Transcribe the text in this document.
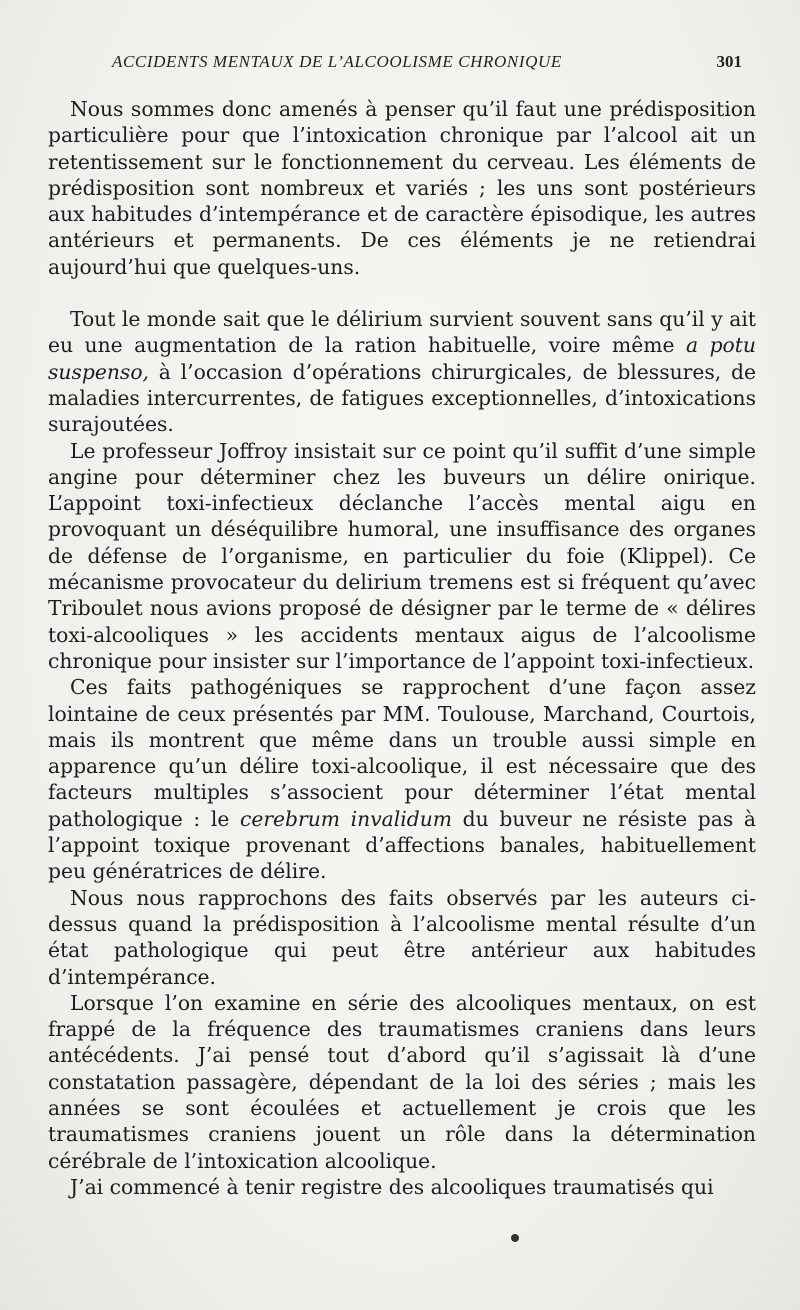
ACCIDENTS MENTAUX DE L’ALCOOLISME CHRONIQUE	301

Nous sommes donc amenés à penser qu’il faut une prédisposition particulière pour que l’intoxication chronique par l’alcool ait un retentissement sur le fonctionnement du cerveau. Les éléments de prédisposition sont nombreux et variés ; les uns sont postérieurs aux habitudes d’intempérance et de caractère épisodique, les autres antérieurs et permanents. De ces éléments je ne retiendrai aujourd’hui que quelques-uns.

Tout le monde sait que le délirium survient souvent sans qu’il y ait eu une augmentation de la ration habituelle, voire même a potu suspenso, à l’occasion d’opérations chirurgicales, de blessures, de maladies intercurrentes, de fatigues exceptionnelles, d’intoxications surajoutées.

Le professeur Joffroy insistait sur ce point qu’il suffit d’une simple angine pour déterminer chez les buveurs un délire onirique. L’appoint toxi-infectieux déclanche l’accès mental aigu en provoquant un déséquilibre humoral, une insuffisance des organes de défense de l’organisme, en particulier du foie (Klippel). Ce mécanisme provocateur du delirium tremens est si fréquent qu’avec Triboulet nous avions proposé de désigner par le terme de « délires toxi-alcooliques » les accidents mentaux aigus de l’alcoolisme chronique pour insister sur l’importance de l’appoint toxi-infectieux.

Ces faits pathogéniques se rapprochent d’une façon assez lointaine de ceux présentés par MM. Toulouse, Marchand, Courtois, mais ils montrent que même dans un trouble aussi simple en apparence qu’un délire toxi-alcoolique, il est nécessaire que des facteurs multiples s’associent pour déterminer l’état mental pathologique : le cerebrum invalidum du buveur ne résiste pas à l’appoint toxique provenant d’affections banales, habituellement peu génératrices de délire.

Nous nous rapprochons des faits observés par les auteurs ci-dessus quand la prédisposition à l’alcoolisme mental résulte d’un état pathologique qui peut être antérieur aux habitudes d’intempérance.

Lorsque l’on examine en série des alcooliques mentaux, on est frappé de la fréquence des traumatismes craniens dans leurs antécédents. J’ai pensé tout d’abord qu’il s’agissait là d’une constatation passagère, dépendant de la loi des séries ; mais les années se sont écoulées et actuellement je crois que les traumatismes craniens jouent un rôle dans la détermination cérébrale de l’intoxication alcoolique.

J’ai commencé à tenir registre des alcooliques traumatisés qui
